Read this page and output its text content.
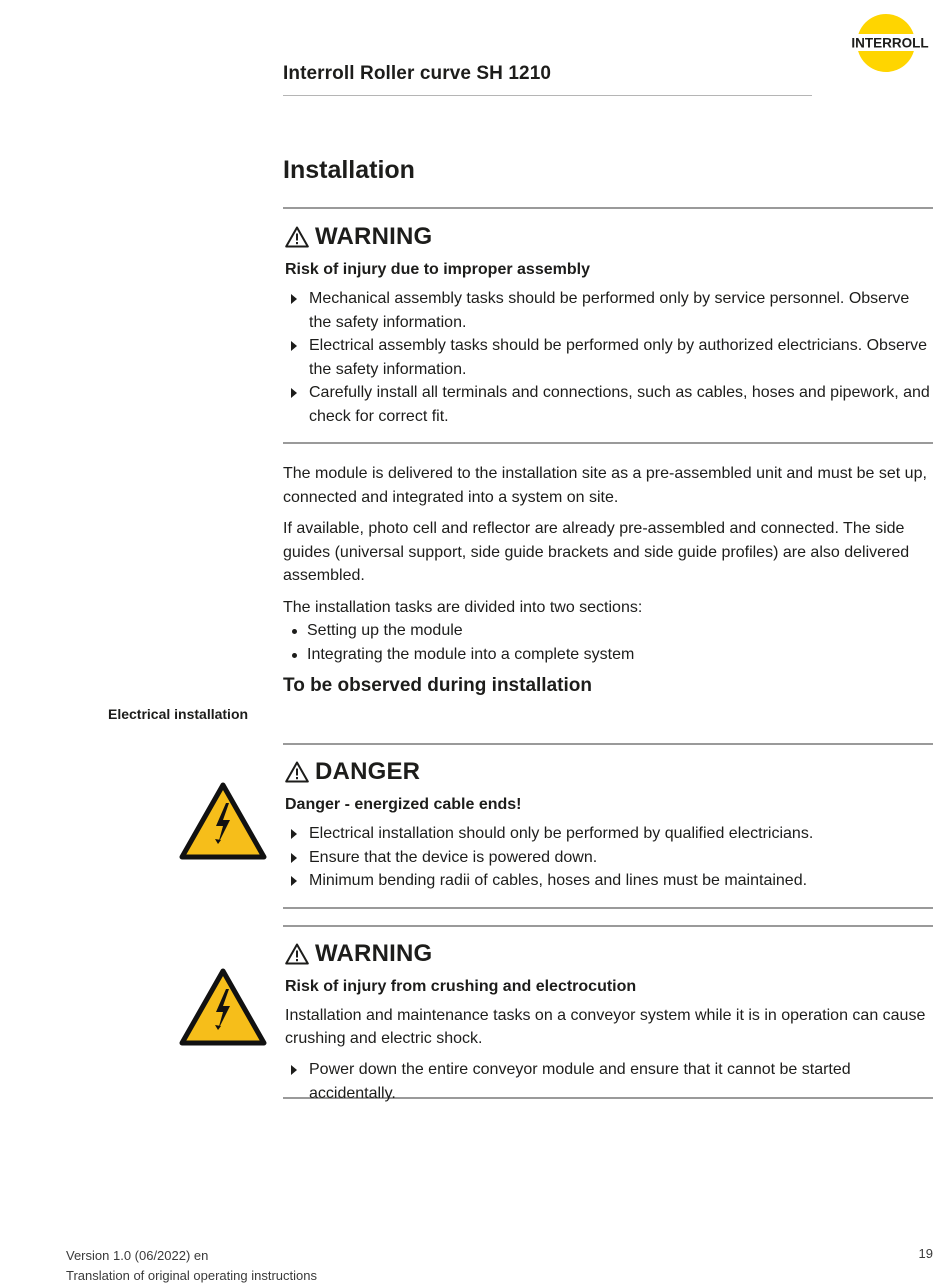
Interroll Roller curve SH 1210
INTERROLL
Installation
WARNING
Risk of injury due to improper assembly
Mechanical assembly tasks should be performed only by service personnel. Observe the safety information.
Electrical assembly tasks should be performed only by authorized electricians. Observe the safety information.
Carefully install all terminals and connections, such as cables, hoses and pipework, and check for correct fit.
The module is delivered to the installation site as a pre-assembled unit and must be set up, connected and integrated into a system on site.
If available, photo cell and reflector are already pre-assembled and connected. The side guides (universal support, side guide brackets and side guide profiles) are also delivered assembled.
The installation tasks are divided into two sections:
Setting up the module
Integrating the module into a complete system
To be observed during installation
Electrical installation
DANGER
Danger - energized cable ends!
Electrical installation should only be performed by qualified electricians.
Ensure that the device is powered down.
Minimum bending radii of cables, hoses and lines must be maintained.
WARNING
Risk of injury from crushing and electrocution
Installation and maintenance tasks on a conveyor system while it is in operation can cause crushing and electric shock.
Power down the entire conveyor module and ensure that it cannot be started accidentally.
Version 1.0 (06/2022) en
Translation of original operating instructions
19
